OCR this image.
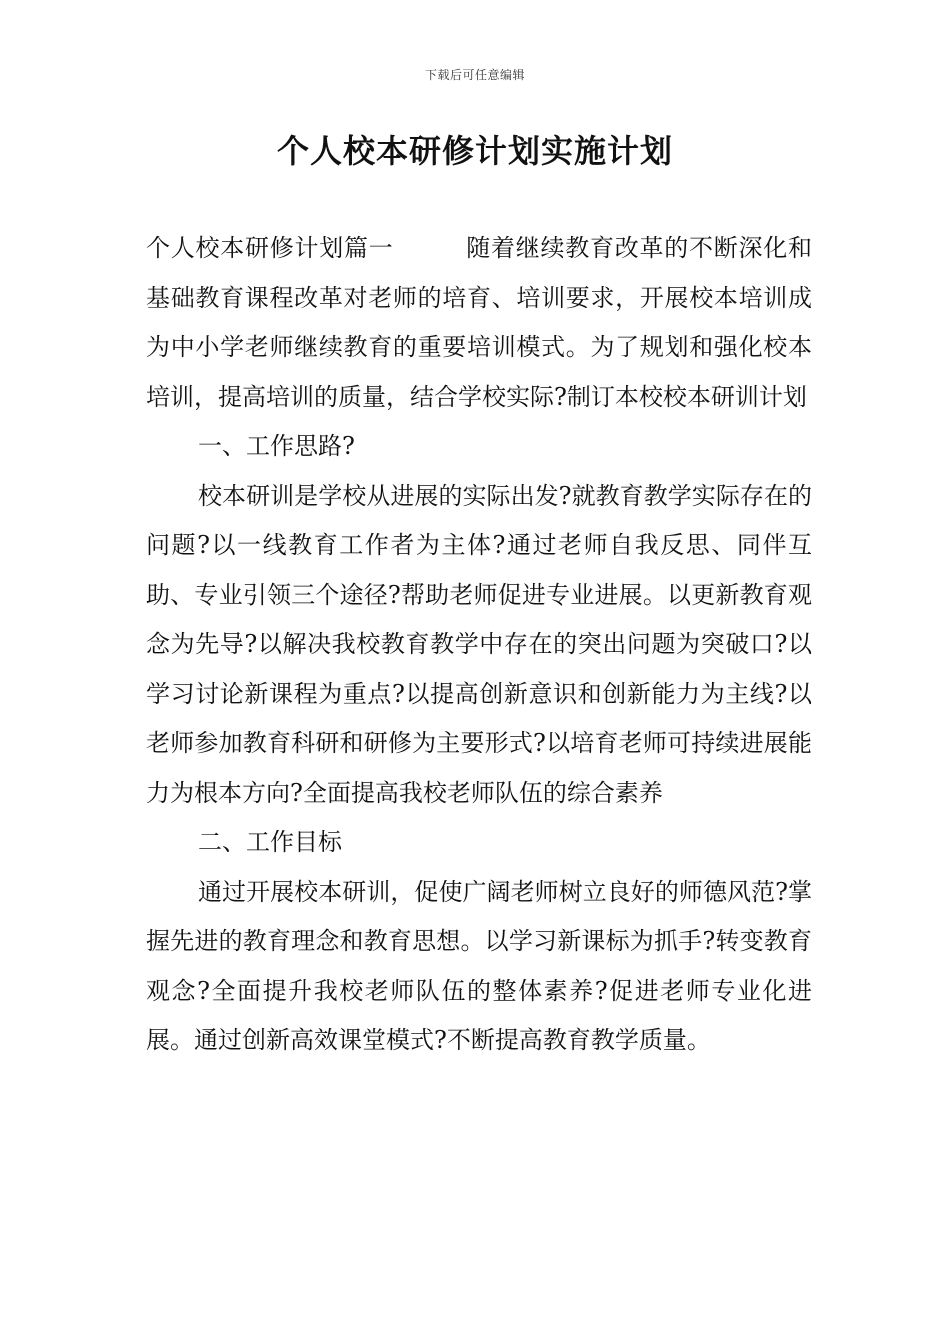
下载后可任意编辑
个人校本研修计划实施计划

个人校本研修计划篇一	随着继续教育改革的不断深化和基础教育课程改革对老师的培育、培训要求，开展校本培训成为中小学老师继续教育的重要培训模式。为了规划和强化校本培训，提高培训的质量，结合学校实际?制订本校校本研训计划

一、工作思路?

校本研训是学校从进展的实际出发?就教育教学实际存在的问题?以一线教育工作者为主体?通过老师自我反思、同伴互助、专业引领三个途径?帮助老师促进专业进展。以更新教育观念为先导?以解决我校教育教学中存在的突出问题为突破口?以学习讨论新课程为重点?以提高创新意识和创新能力为主线?以老师参加教育科研和研修为主要形式?以培育老师可持续进展能力为根本方向?全面提高我校老师队伍的综合素养

二、工作目标

通过开展校本研训，促使广阔老师树立良好的师德风范?掌握先进的教育理念和教育思想。以学习新课标为抓手?转变教育观念?全面提升我校老师队伍的整体素养?促进老师专业化进展。通过创新高效课堂模式?不断提高教育教学质量。
